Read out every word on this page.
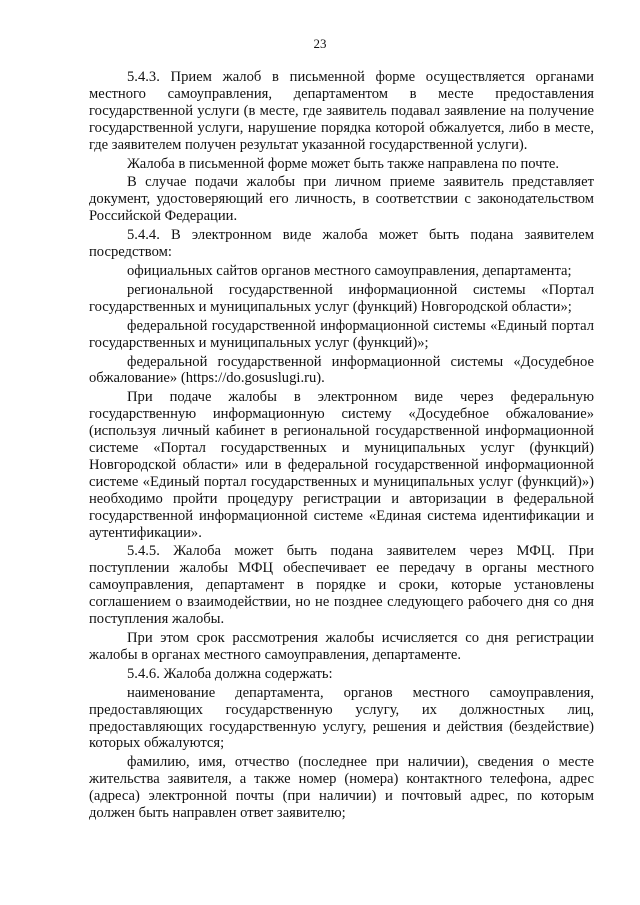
23

5.4.3. Прием жалоб в письменной форме осуществляется органами местного самоуправления, департаментом в месте предоставления государственной услуги (в месте, где заявитель подавал заявление на получение государственной услуги, нарушение порядка которой обжалуется, либо в месте, где заявителем получен результат указанной государственной услуги).

Жалоба в письменной форме может быть также направлена по почте.

В случае подачи жалобы при личном приеме заявитель представляет документ, удостоверяющий его личность, в соответствии с законодательством Российской Федерации.

5.4.4. В электронном виде жалоба может быть подана заявителем посредством:

официальных сайтов органов местного самоуправления, департамента;

региональной государственной информационной системы «Портал государственных и муниципальных услуг (функций) Новгородской области»;

федеральной государственной информационной системы «Единый портал государственных и муниципальных услуг (функций)»;

федеральной государственной информационной системы «Досудебное обжалование» (https://do.gosuslugi.ru).

При подаче жалобы в электронном виде через федеральную государственную информационную систему «Досудебное обжалование» (используя личный кабинет в региональной государственной информационной системе «Портал государственных и муниципальных услуг (функций) Новгородской области» или в федеральной государственной информационной системе «Единый портал государственных и муниципальных услуг (функций)») необходимо пройти процедуру регистрации и авторизации в федеральной государственной информационной системе «Единая система идентификации и аутентификации».

5.4.5. Жалоба может быть подана заявителем через МФЦ. При поступлении жалобы МФЦ обеспечивает ее передачу в органы местного самоуправления, департамент в порядке и сроки, которые установлены соглашением о взаимодействии, но не позднее следующего рабочего дня со дня поступления жалобы.

При этом срок рассмотрения жалобы исчисляется со дня регистрации жалобы в органах местного самоуправления, департаменте.

5.4.6. Жалоба должна содержать:

наименование департамента, органов местного самоуправления, предоставляющих государственную услугу, их должностных лиц, предоставляющих государственную услугу, решения и действия (бездействие) которых обжалуются;

фамилию, имя, отчество (последнее при наличии), сведения о месте жительства заявителя, а также номер (номера) контактного телефона, адрес (адреса) электронной почты (при наличии) и почтовый адрес, по которым должен быть направлен ответ заявителю;
